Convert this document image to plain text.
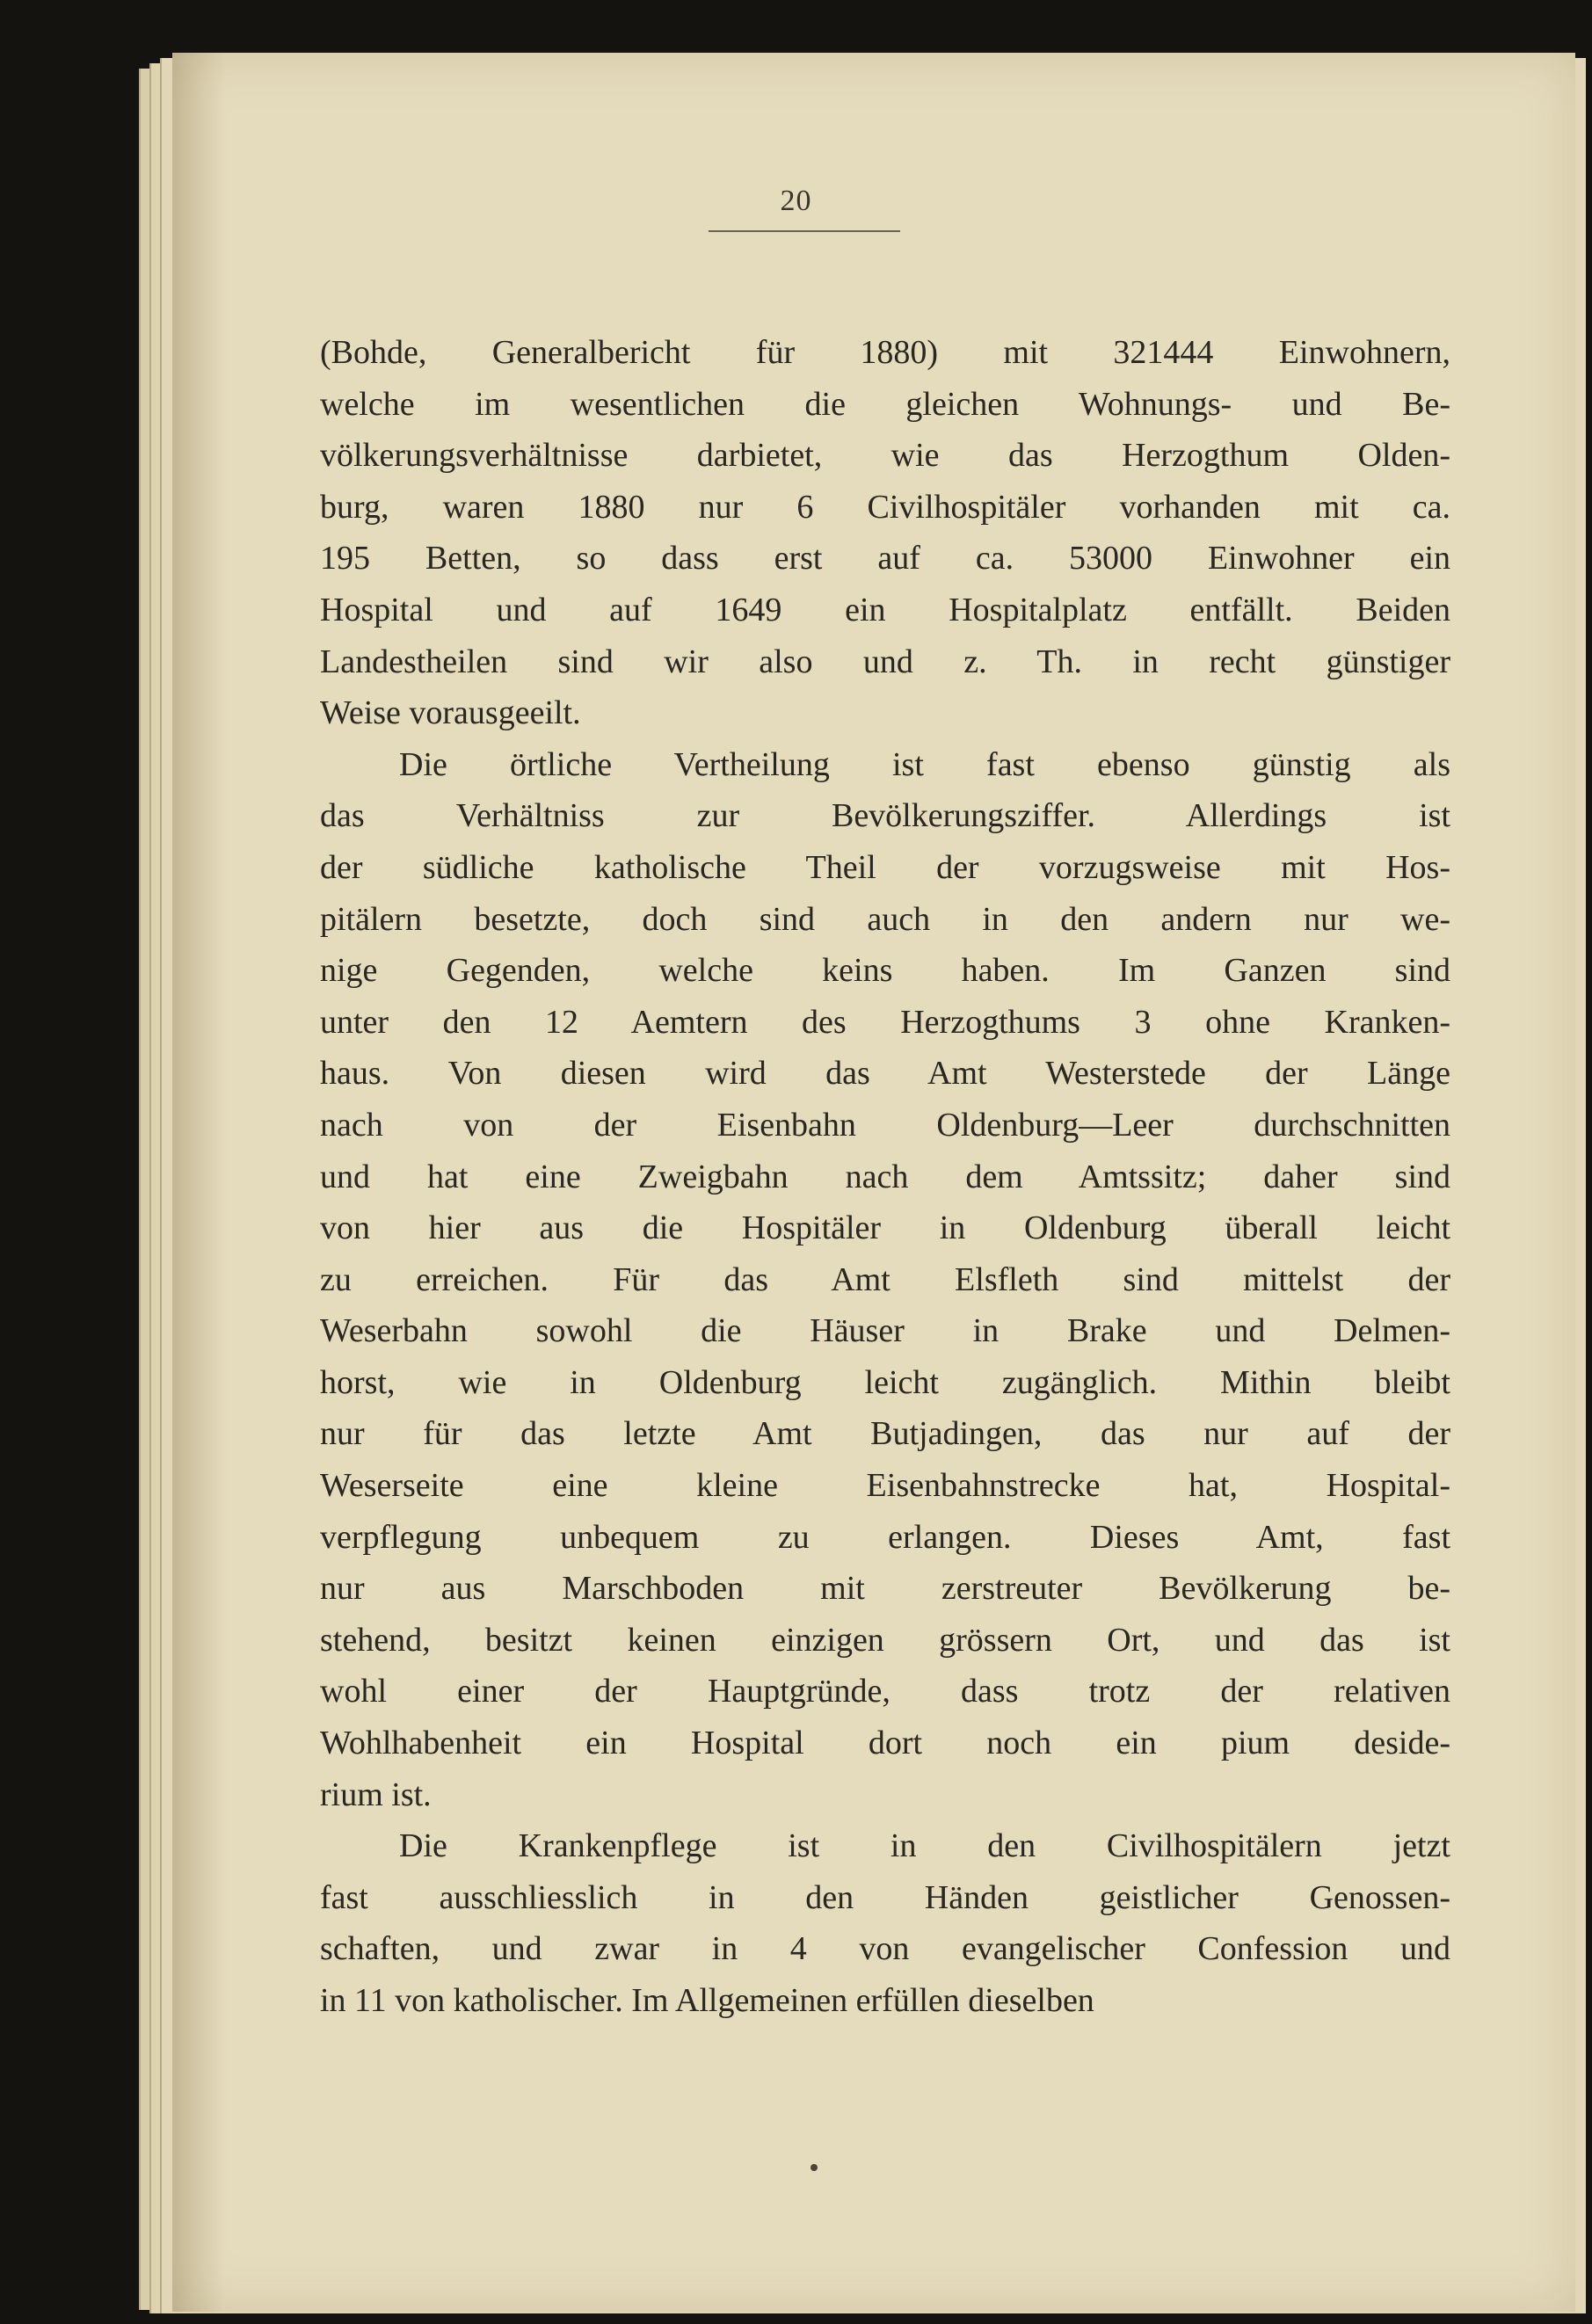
20

(Bohde, Generalbericht für 1880) mit 321444 Einwohnern,
welche im wesentlichen die gleichen Wohnungs- und Be-
völkerungsverhältnisse darbietet, wie das Herzogthum Olden-
burg, waren 1880 nur 6 Civilhospitäler vorhanden mit ca.
195 Betten, so dass erst auf ca. 53000 Einwohner ein
Hospital und auf 1649 ein Hospitalplatz entfällt. Beiden
Landestheilen sind wir also und z. Th. in recht günstiger
Weise vorausgeeilt.

Die örtliche Vertheilung ist fast ebenso günstig als
das Verhältniss zur Bevölkerungsziffer. Allerdings ist
der südliche katholische Theil der vorzugsweise mit Hos-
pitälern besetzte, doch sind auch in den andern nur we-
nige Gegenden, welche keins haben. Im Ganzen sind
unter den 12 Aemtern des Herzogthums 3 ohne Kranken-
haus. Von diesen wird das Amt Westerstede der Länge
nach von der Eisenbahn Oldenburg—Leer durchschnitten
und hat eine Zweigbahn nach dem Amtssitz; daher sind
von hier aus die Hospitäler in Oldenburg überall leicht
zu erreichen. Für das Amt Elsfleth sind mittelst der
Weserbahn sowohl die Häuser in Brake und Delmen-
horst, wie in Oldenburg leicht zugänglich. Mithin bleibt
nur für das letzte Amt Butjadingen, das nur auf der
Weserseite eine kleine Eisenbahnstrecke hat, Hospital-
verpflegung unbequem zu erlangen. Dieses Amt, fast
nur aus Marschboden mit zerstreuter Bevölkerung be-
stehend, besitzt keinen einzigen grössern Ort, und das ist
wohl einer der Hauptgründe, dass trotz der relativen
Wohlhabenheit ein Hospital dort noch ein pium deside-
rium ist.

Die Krankenpflege ist in den Civilhospitälern jetzt
fast ausschliesslich in den Händen geistlicher Genossen-
schaften, und zwar in 4 von evangelischer Confession und
in 11 von katholischer. Im Allgemeinen erfüllen dieselben
